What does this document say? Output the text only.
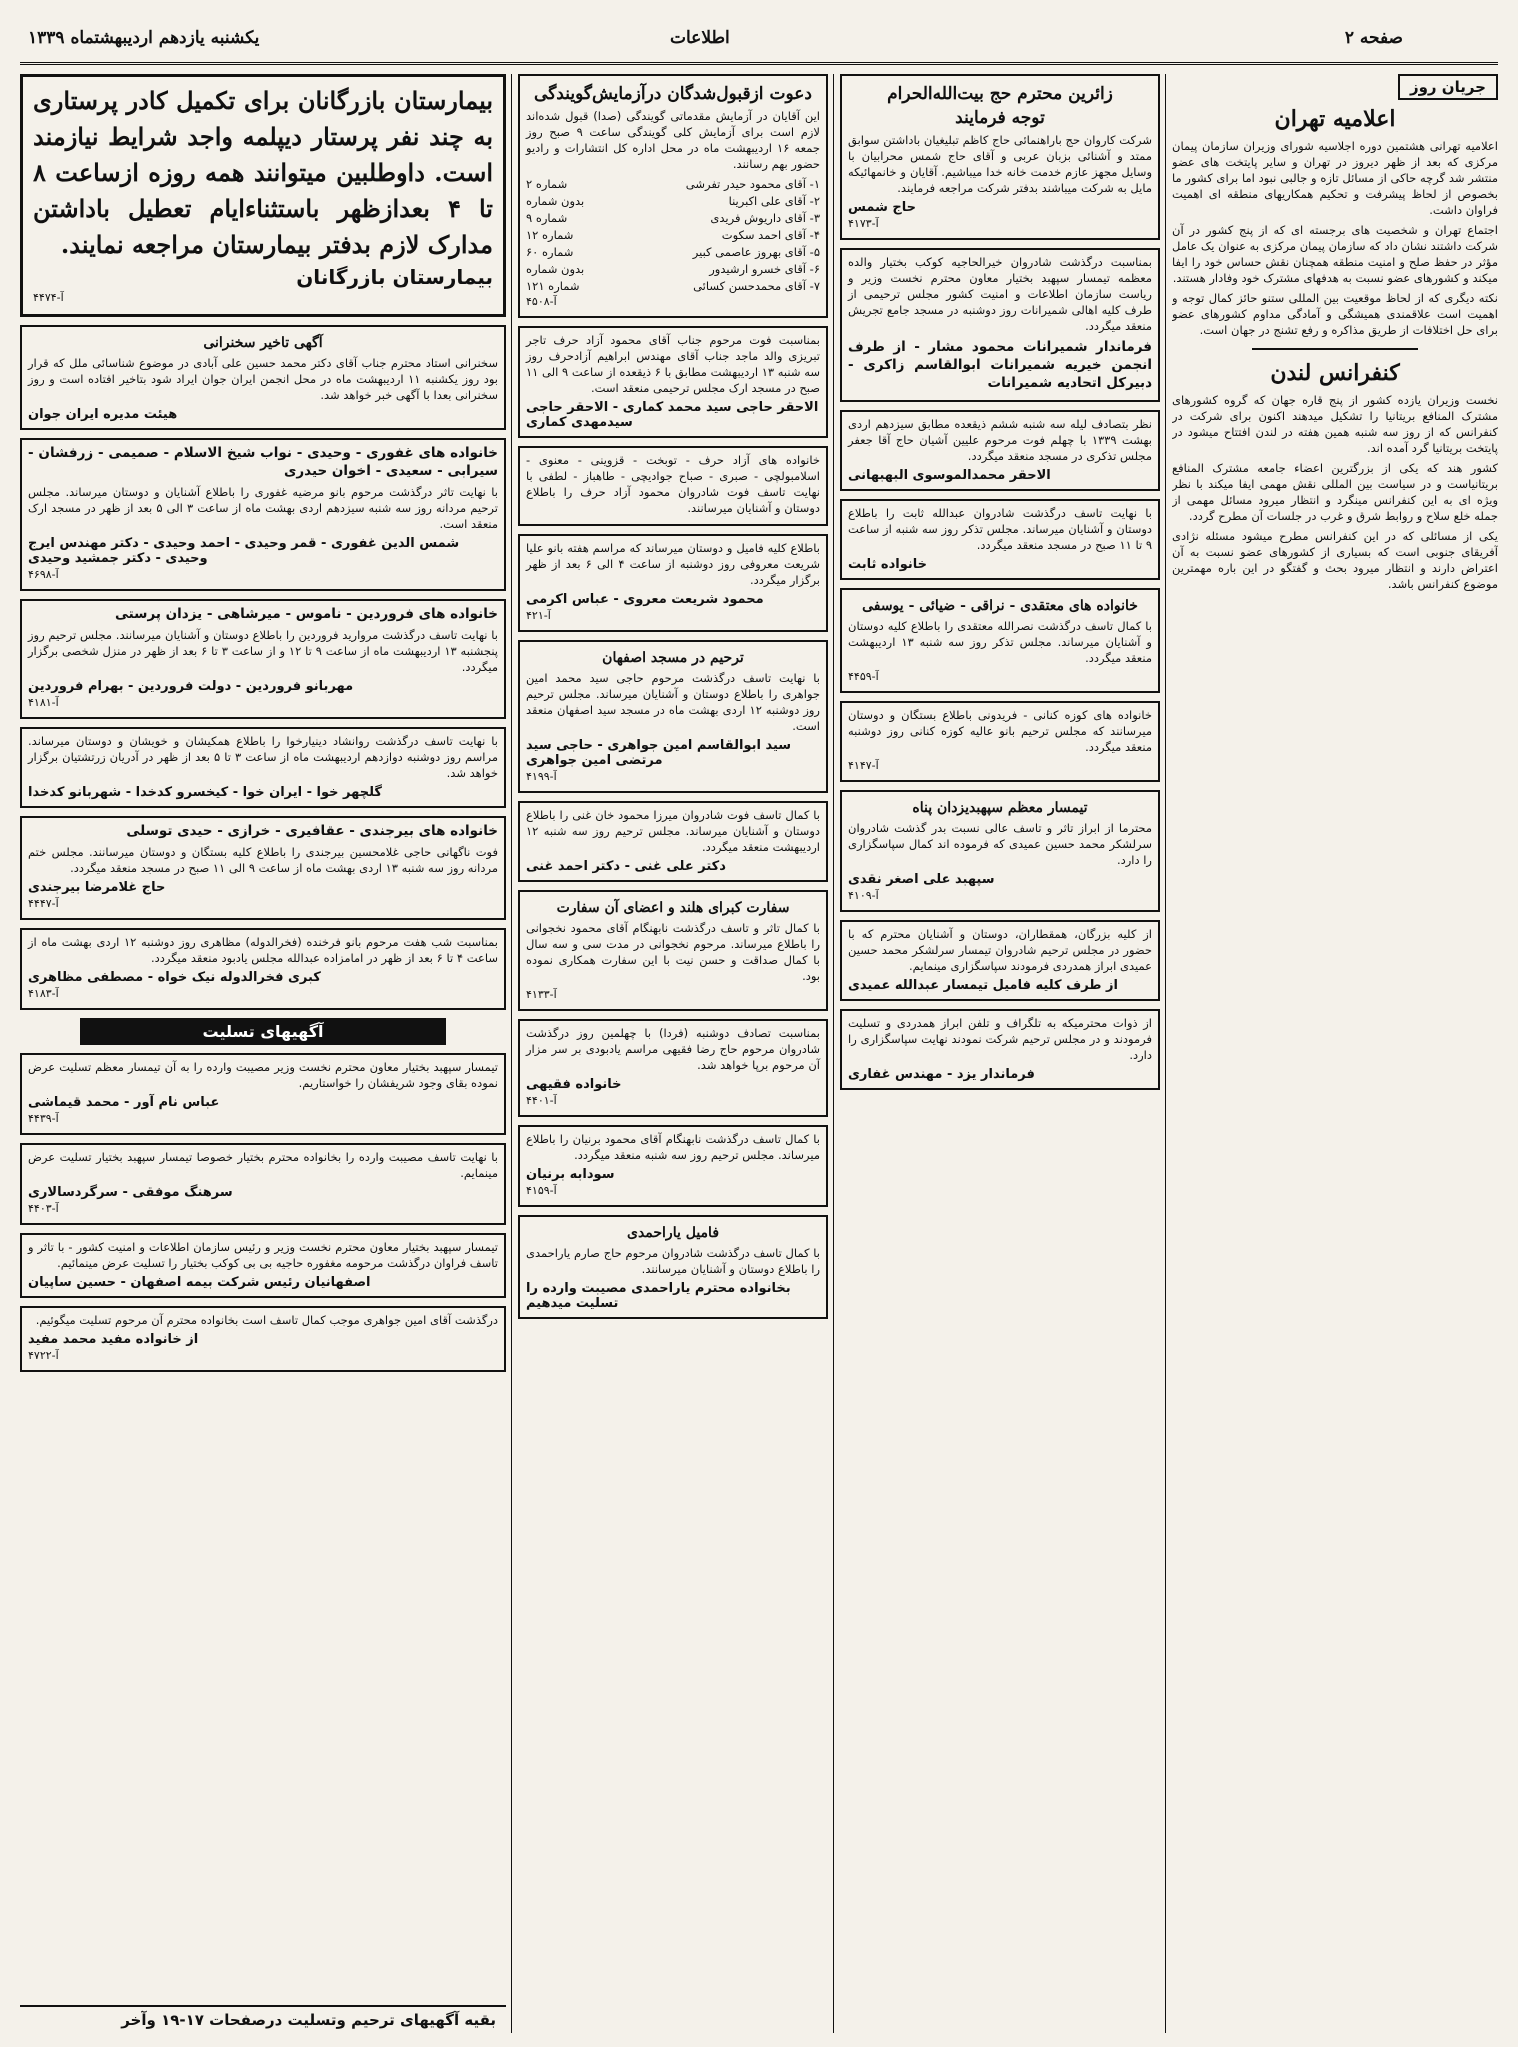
یکشنبه یازدهم اردیبهشتماه ۱۳۳۹	اطلاعات	صفحه ۲
جریان روز
اعلامیه تهران

اعلامیه تهرانی هشتمین دوره اجلاسیه شورای وزیران سازمان پیمان مرکزی که بعد از ظهر دیروز در تهران و سایر پایتخت های عضو منتشر شد گرچه حاکی از مسائل تازه و جالبی نبود اما برای کشور ما بخصوص از لحاظ پیشرفت و تحکیم همکاریهای منطقه ای اهمیت فراوان داشت.

اجتماع تهران و شخصیت های برجسته ای که از پنج کشور در آن شرکت داشتند نشان داد که سازمان پیمان مرکزی به عنوان یک عامل مؤثر در حفظ صلح و امنیت منطقه همچنان نقش حساس خود را ایفا میکند و کشورهای عضو نسبت به هدفهای مشترک خود وفادار هستند.

نکته دیگری که از لحاظ موقعیت بین المللی ستنو حائز کمال توجه و اهمیت است علاقمندی همیشگی و آمادگی مداوم کشورهای عضو برای حل اختلافات از طریق مذاکره و رفع تشنج در جهان است.

کنفرانس لندن

نخست وزیران یازده کشور از پنج قاره جهان که گروه کشورهای مشترک المنافع بریتانیا را تشکیل میدهند اکنون برای شرکت در کنفرانس که از روز سه شنبه همین هفته در لندن افتتاح میشود در پایتخت بریتانیا گرد آمده اند.

کشور هند که یکی از بزرگترین اعضاء جامعه مشترک المنافع بریتانیاست و در سیاست بین المللی نقش مهمی ایفا میکند با نظر ویژه ای به این کنفرانس مینگرد و انتظار میرود مسائل مهمی از جمله خلع سلاح و روابط شرق و غرب در جلسات آن مطرح گردد.

یکی از مسائلی که در این کنفرانس مطرح میشود مسئله نژادی آفریقای جنوبی است که بسیاری از کشورهای عضو نسبت به آن اعتراض دارند و انتظار میرود بحث و گفتگو در این باره مهمترین موضوع کنفرانس باشد.

زائرین محترم حج بیت‌الله‌الحرام
توجه فرمایند

شرکت کاروان حج باراهنمائی حاج کاظم تبلیغیان باداشتن سوابق ممتد و آشنائی بزبان عربی و آقای حاج شمس محرابیان با وسایل مجهز عازم خدمت خانه خدا میباشیم. آقایان و خانمهائیکه مایل به شرکت میباشند بدفتر شرکت مراجعه فرمایند.

حاج شمس
آ-۴۱۷۳

بمناسبت درگذشت شادروان خیرالحاجیه کوکب بختیار والده معظمه تیمسار سپهبد بختیار معاون محترم نخست وزیر و ریاست سازمان اطلاعات و امنیت کشور مجلس ترحیمی از طرف کلیه اهالی شمیرانات روز دوشنبه در مسجد جامع تجریش منعقد میگردد.

فرماندار شمیرانات محمود مشار - از طرف انجمن خیریه شمیرانات ابوالقاسم زاکری - دبیرکل اتحادیه شمیرانات

نظر بتصادف لیله سه شنبه ششم ذیقعده مطابق سیزدهم اردی بهشت ۱۳۳۹ با چهلم فوت مرحوم علیین آشیان حاج آقا جعفر مجلس تذکری در مسجد منعقد میگردد.

الاحقر محمدالموسوی البهبهانی

با نهایت تاسف درگذشت شادروان عبدالله ثابت را باطلاع دوستان و آشنایان میرساند. مجلس تذکر روز سه شنبه از ساعت ۹ تا ۱۱ صبح در مسجد منعقد میگردد.

خانواده ثابت
خانواده های معتقدی - نراقی - ضیائی - یوسفی

با کمال تاسف درگذشت نصرالله معتقدی را باطلاع کلیه دوستان و آشنایان میرساند. مجلس تذکر روز سه شنبه ۱۳ اردیبهشت منعقد میگردد.

آ-۴۴۵۹

خانواده های کوزه کنانی - فریدونی باطلاع بستگان و دوستان میرسانند که مجلس ترحیم بانو عالیه کوزه کنانی روز دوشنبه منعقد میگردد.

آ-۴۱۴۷
تیمسار معظم سپهبدیزدان پناه

محترما از ابراز تاثر و تاسف عالی نسبت بدر گذشت شادروان سرلشکر محمد حسین عمیدی که فرموده اند کمال سپاسگزاری را دارد.

سپهبد علی اصغر نقدی
آ-۴۱۰۹

از کلیه بزرگان، همقطاران، دوستان و آشنایان محترم که با حضور در مجلس ترحیم شادروان تیمسار سرلشکر محمد حسین عمیدی ابراز همدردی فرمودند سپاسگزاری مینمایم.

از طرف کلیه فامیل تیمسار عبدالله عمیدی

از ذوات محترمیکه به تلگراف و تلفن ابراز همدردی و تسلیت فرمودند و در مجلس ترحیم شرکت نمودند نهایت سپاسگزاری را دارد.

فرماندار یزد - مهندس غفاری
دعوت ازقبول‌شدگان درآزمایش‌گویندگی

این آقایان در آزمایش مقدماتی گویندگی (صدا) قبول شده‌اند لازم است برای آزمایش کلی گویندگی ساعت ۹ صبح روز جمعه ۱۶ اردیبهشت ماه در محل اداره کل انتشارات و رادیو حضور بهم رسانند.

۱- آقای محمود حیدر تفرشی
شماره ۲
۲- آقای علی اکبرینا
بدون شماره
۳- آقای داریوش فریدی
شماره ۹
۴- آقای احمد سکوت
شماره ۱۲
۵- آقای بهروز عاصمی کبیر
شماره ۶۰
۶- آقای خسرو ارشیدور
بدون شماره
۷- آقای محمدحسن کسائی
شماره ۱۲۱
آ-۴۵۰۸

بمناسبت فوت مرحوم جناب آقای محمود آزاد حرف تاجر تبریزی والد ماجد جناب آقای مهندس ابراهیم آزادحرف روز سه شنبه ۱۳ اردیبهشت مطابق با ۶ ذیقعده از ساعت ۹ الی ۱۱ صبح در مسجد ارک مجلس ترحیمی منعقد است.

الاحقر حاجی سید محمد کماری - الاحقر حاجی سیدمهدی کماری

خانواده های آزاد حرف - توبخت - قزوینی - معنوی - اسلامبولچی - صبری - صباح جوادیچی - طاهباز - لطفی با نهایت تاسف فوت شادروان محمود آزاد حرف را باطلاع دوستان و آشنایان میرسانند.

باطلاع کلیه فامیل و دوستان میرساند که مراسم هفته بانو علیا شریعت معروفی روز دوشنبه از ساعت ۴ الی ۶ بعد از ظهر برگزار میگردد.

محمود شریعت معروی - عباس اکرمی
آ-۴۲۱
ترحیم در مسجد اصفهان

با نهایت تاسف درگذشت مرحوم حاجی سید محمد امین جواهری را باطلاع دوستان و آشنایان میرساند. مجلس ترحیم روز دوشنبه ۱۲ اردی بهشت ماه در مسجد سید اصفهان منعقد است.

سید ابوالقاسم امین جواهری - حاجی سید مرتضی امین جواهری
آ-۴۱۹۹

با کمال تاسف فوت شادروان میرزا محمود خان غنی را باطلاع دوستان و آشنایان میرساند. مجلس ترحیم روز سه شنبه ۱۲ اردیبهشت منعقد میگردد.

دکتر علی غنی - دکتر احمد غنی
سفارت کبرای هلند و اعضای آن سفارت

با کمال تاثر و تاسف درگذشت نابهنگام آقای محمود نخجوانی را باطلاع میرساند. مرحوم نخجوانی در مدت سی و سه سال با کمال صداقت و حسن نیت با این سفارت همکاری نموده بود.

آ-۴۱۳۳

بمناسبت تصادف دوشنبه (فردا) با چهلمین روز درگذشت شادروان مرحوم حاج رضا فقیهی مراسم یادبودی بر سر مزار آن مرحوم برپا خواهد شد.

خانواده فقیهی
آ-۴۴۰۱

با کمال تاسف درگذشت نابهنگام آقای محمود برنیان را باطلاع میرساند. مجلس ترحیم روز سه شنبه منعقد میگردد.

سودابه برنیان
آ-۴۱۵۹
فامیل یاراحمدی

با کمال تاسف درگذشت شادروان مرحوم حاج صارم یاراحمدی را باطلاع دوستان و آشنایان میرسانند.

بخانواده محترم یاراحمدی مصیبت وارده را تسلیت میدهیم
بیمارستان بازرگانان برای تکمیل کادر پرستاری به چند نفر پرستار دیپلمه واجد شرایط نیازمند است. داوطلبین میتوانند همه روزه ازساعت ۸ تا ۴ بعدازظهر باستثناءایام تعطیل باداشتن مدارک لازم بدفتر بیمارستان مراجعه نمایند.
بیمارستان بازرگانان
آ-۴۴۷۴
آگهی تاخیر سخنرانی

سخنرانی استاد محترم جناب آقای دکتر محمد حسین علی آبادی در موضوع شناسائی ملل که قرار بود روز یکشنبه ۱۱ اردیبهشت ماه در محل انجمن ایران جوان ایراد شود بتاخیر افتاده است و روز سخنرانی بعدا با آگهی خبر خواهد شد.

هیئت مدیره ایران جوان

خانواده های غفوری - وحیدی - نواب شیخ الاسلام - صمیمی - زرفشان - سیرابی - سعیدی - اخوان حیدری

با نهایت تاثر درگذشت مرحوم بانو مرضیه غفوری را باطلاع آشنایان و دوستان میرساند. مجلس ترحیم مردانه روز سه شنبه سیزدهم اردی بهشت ماه از ساعت ۳ الی ۵ بعد از ظهر در مسجد ارک منعقد است.

شمس الدین غفوری - قمر وحیدی - احمد وحیدی - دکتر مهندس ایرج وحیدی - دکتر جمشید وحیدی
آ-۴۶۹۸

خانواده های فروردین - ناموس - میرشاهی - یزدان پرستی

با نهایت تاسف درگذشت مروارید فروردین را باطلاع دوستان و آشنایان میرسانند. مجلس ترحیم روز پنجشنبه ۱۳ اردیبهشت ماه از ساعت ۹ تا ۱۲ و از ساعت ۳ تا ۶ بعد از ظهر در منزل شخصی برگزار میگردد.

مهربانو فروردین - دولت فروردین - بهرام فروردین
آ-۴۱۸۱

با نهایت تاسف درگذشت روانشاد دینیارخوا را باطلاع همکیشان و خویشان و دوستان میرساند. مراسم روز دوشنبه دوازدهم اردیبهشت ماه از ساعت ۳ تا ۵ بعد از ظهر در آدریان زرتشتیان برگزار خواهد شد.

گلچهر خوا - ایران خوا - کیخسرو کدخدا - شهربانو کدخدا

خانواده های بیرجندی - عقافیری - خرازی - حیدی توسلی

فوت ناگهانی حاجی غلامحسین بیرجندی را باطلاع کلیه بستگان و دوستان میرسانند. مجلس ختم مردانه روز سه شنبه ۱۳ اردی بهشت ماه از ساعت ۹ الی ۱۱ صبح در مسجد منعقد میگردد.

حاج غلامرضا بیرجندی
آ-۴۴۴۷

بمناسبت شب هفت مرحوم بانو فرخنده (فخرالدوله) مظاهری روز دوشنبه ۱۲ اردی بهشت ماه از ساعت ۴ تا ۶ بعد از ظهر در امامزاده عبدالله مجلس یادبود منعقد میگردد.

کبری فخرالدوله نیک خواه - مصطفی مظاهری
آ-۴۱۸۳
آگهیهای تسلیت

تیمسار سپهبد بختیار معاون محترم نخست وزیر مصیبت وارده را به آن تیمسار معظم تسلیت عرض نموده بقای وجود شریفشان را خواستاریم.

عباس نام آور - محمد قیماشی
آ-۴۴۳۹

با نهایت تاسف مصیبت وارده را بخانواده محترم بختیار خصوصا تیمسار سپهبد بختیار تسلیت عرض مینمایم.

سرهنگ موفقی - سرگردسالاری
آ-۴۴۰۳

تیمسار سپهبد بختیار معاون محترم نخست وزیر و رئیس سازمان اطلاعات و امنیت کشور - با تاثر و تاسف فراوان درگذشت مرحومه مغفوره حاجیه بی بی کوکب بختیار را تسلیت عرض مینمائیم.

اصفهانیان رئیس شرکت بیمه اصفهان - حسین ساپیان

درگذشت آقای امین جواهری موجب کمال تاسف است بخانواده محترم آن مرحوم تسلیت میگوئیم.

از خانواده مفید محمد مفید
آ-۴۷۲۲
بقیه آگهیهای ترحیم وتسلیت درصفحات ۱۷-۱۹ وآخر
